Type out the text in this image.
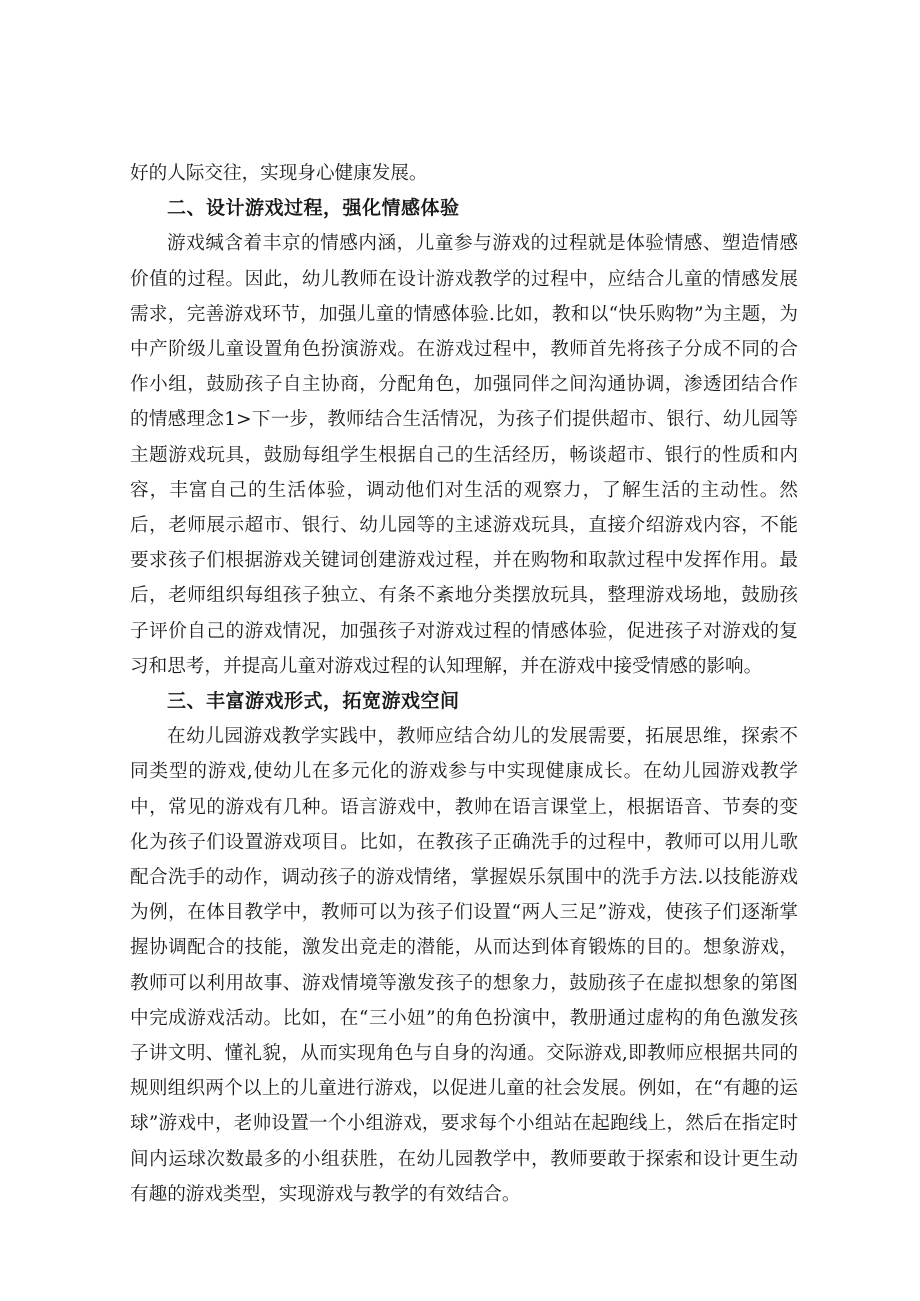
好的人际交往，实现身心健康发展。

二、设计游戏过程，强化情感体验

游戏缄含着丰京的情感内涵，儿童参与游戏的过程就是体验情感、塑造情感价值的过程。因此，幼儿教师在设计游戏教学的过程中，应结合儿童的情感发展需求，完善游戏环节，加强儿童的情感体验.比如，教和以“快乐购物”为主题，为中产阶级儿童设置角色扮演游戏。在游戏过程中，教师首先将孩子分成不同的合作小组，鼓励孩子自主协商，分配角色，加强同伴之间沟通协调，渗透团结合作的情感理念1>下一步，教师结合生活情况，为孩子们提供超市、银行、幼儿园等主题游戏玩具，鼓励每组学生根据自己的生活经历，畅谈超市、银行的性质和内容，丰富自己的生活体验，调动他们对生活的观察力，了解生活的主动性。然后，老师展示超市、银行、幼儿园等的主逑游戏玩具，直接介绍游戏内容，不能要求孩子们根据游戏关键词创建游戏过程，并在购物和取款过程中发挥作用。最后，老师组织每组孩子独立、有条不紊地分类摆放玩具，整理游戏场地，鼓励孩子评价自己的游戏情况，加强孩子对游戏过程的情感体验，促进孩子对游戏的复习和思考，并提高儿童对游戏过程的认知理解，并在游戏中接受情感的影响。

三、丰富游戏形式，拓宽游戏空间

在幼儿园游戏教学实践中，教师应结合幼儿的发展需要，拓展思维，探索不同类型的游戏,使幼儿在多元化的游戏参与中实现健康成长。在幼儿园游戏教学中，常见的游戏有几种。语言游戏中，教帅在语言课堂上，根据语音、节奏的变化为孩子们设置游戏项目。比如，在教孩子正确洗手的过程中，教师可以用儿歌配合洗手的动作，调动孩子的游戏情绪，掌握娱乐氛围中的洗手方法.以技能游戏为例，在体目教学中，教师可以为孩子们设置“两人三足”游戏，使孩子们逐渐掌握协调配合的技能，激发出竞走的潜能，从而达到体育锻炼的目的。想象游戏，教师可以利用故事、游戏情境等激发孩子的想象力，鼓励孩子在虚拟想象的第图中完成游戏活动。比如，在“三小妞”的角色扮演中，教册通过虚构的角色激发孩子讲文明、懂礼貌，从而实现角色与自身的沟通。交际游戏,即教师应根据共同的规则组织两个以上的儿童进行游戏，以促进儿童的社会发展。例如，在“有趣的运球”游戏中，老帅设置一个小组游戏，要求每个小组站在起跑线上，然后在指定时间内运球次数最多的小组获胜，在幼儿园教学中，教师要敢于探索和设计更生动有趣的游戏类型，实现游戏与教学的有效结合。
